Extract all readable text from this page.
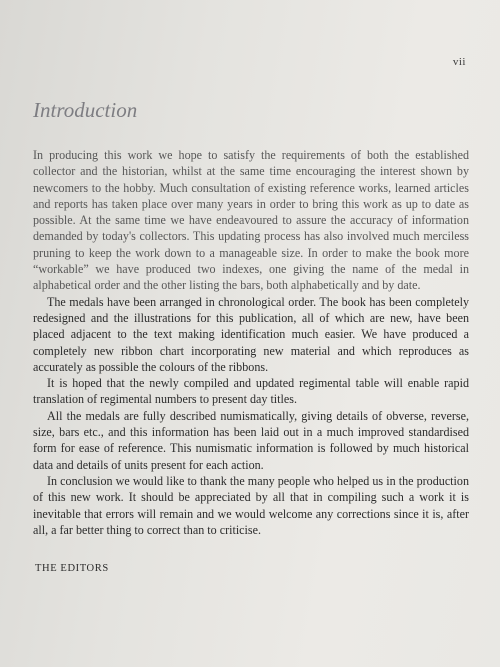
vii
Introduction

In producing this work we hope to satisfy the requirements of both the established collector and the historian, whilst at the same time encouraging the interest shown by newcomers to the hobby. Much consultation of existing reference works, learned articles and reports has taken place over many years in order to bring this work as up to date as possible. At the same time we have endeavoured to assure the accuracy of information demanded by today's collectors. This updating process has also involved much merciless pruning to keep the work down to a manageable size. In order to make the book more “workable” we have produced two indexes, one giving the name of the medal in alphabetical order and the other listing the bars, both alphabetically and by date.

The medals have been arranged in chronological order. The book has been completely redesigned and the illustrations for this publication, all of which are new, have been placed adjacent to the text making identification much easier. We have produced a completely new ribbon chart incorporating new material and which reproduces as accurately as possible the colours of the ribbons.

It is hoped that the newly compiled and updated regimental table will enable rapid translation of regimental numbers to present day titles.

All the medals are fully described numismatically, giving details of obverse, reverse, size, bars etc., and this information has been laid out in a much improved standardised form for ease of reference. This numismatic information is followed by much historical data and details of units present for each action.

In conclusion we would like to thank the many people who helped us in the production of this new work. It should be appreciated by all that in compiling such a work it is inevitable that errors will remain and we would welcome any corrections since it is, after all, a far better thing to correct than to criticise.

THE EDITORS
